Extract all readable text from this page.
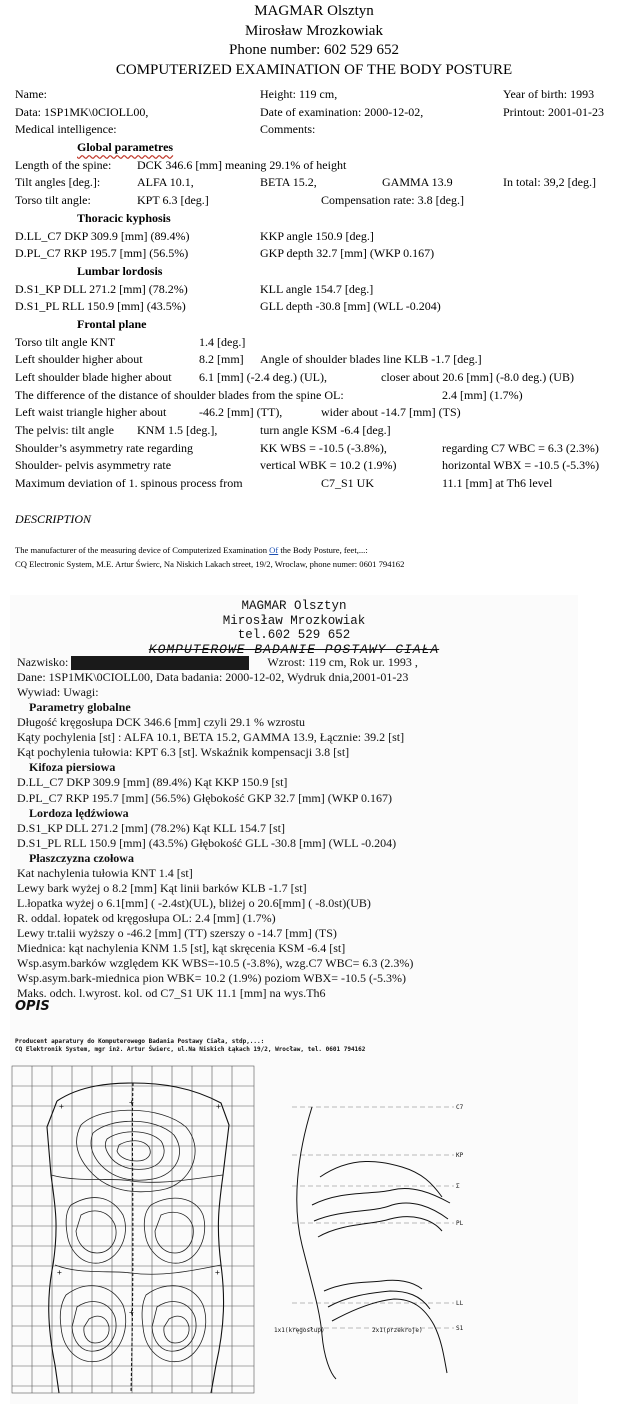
MAGMAR Olsztyn
Mirosław Mrozkowiak
Phone number: 602 529 652
COMPUTERIZED EXAMINATION OF THE BODY POSTURE
Name:	Height: 119 cm,	Year of birth: 1993
Data: 1SP1MK\0CIOLL00,	Date of examination: 2000-12-02,	Printout: 2001-01-23
Medical intelligence:	Comments:
Global parametres
Length of the spine: DCK 346.6 [mm] meaning 29.1% of height
Tilt angles [deg.]:	ALFA 10.1,	BETA 15.2,	GAMMA 13.9	In total: 39,2 [deg.]
Torso tilt angle:	KPT 6.3 [deg.]	Compensation rate: 3.8 [deg.]
Thoracic kyphosis
D.LL_C7 DKP 309.9 [mm] (89.4%)	KKP angle 150.9 [deg.]
D.PL_C7 RKP 195.7 [mm] (56.5%)	GKP depth 32.7 [mm] (WKP 0.167)
Lumbar lordosis
D.S1_KP DLL 271.2 [mm] (78.2%)	KLL angle 154.7 [deg.]
D.S1_PL RLL 150.9 [mm] (43.5%)	GLL depth -30.8 [mm] (WLL -0.204)
Frontal plane
Torso tilt angle KNT	1.4 [deg.]
Left shoulder higher about	8.2 [mm] Angle of shoulder blades line KLB -1.7 [deg.]
Left shoulder blade higher about 6.1 [mm] (-2.4 deg.) (UL),	closer about 20.6 [mm] (-8.0 deg.) (UB)
The difference of the distance of shoulder blades from the spine OL:	2.4 [mm] (1.7%)
Left waist triangle higher about	-46.2 [mm] (TT),	wider about -14.7 [mm] (TS)
The pelvis: tilt angle KNM 1.5 [deg.],	turn angle KSM -6.4 [deg.]
Shoulder’s asymmetry rate regarding	KK WBS = -10.5 (-3.8%),	regarding C7 WBC = 6.3 (2.3%)
Shoulder- pelvis asymmetry rate	vertical WBK = 10.2 (1.9%)	horizontal WBX = -10.5 (-5.3%)
Maximum deviation of 1. spinous process from	C7_S1 UK	11.1 [mm] at Th6 level
DESCRIPTION
The manufacturer of the measuring device of Computerized Examination Of the Body Posture, feet,...:
CQ Electronic System, M.E. Artur Świerc, Na Niskich Lakach street, 19/2, Wroclaw, phone numer: 0601 794162
MAGMAR Olsztyn
Mirosław Mrozkowiak
tel.602 529 652
KOMPUTEROWE BADANIE POSTAWY CIAŁA
Nazwisko:	Wzrost: 119 cm, Rok ur. 1993 ,
Dane: 1SP1MK\0CIOLL00, Data badania: 2000-12-02, Wydruk dnia,2001-01-23
Wywiad: Uwagi:
Parametry globalne
Długość kręgosłupa DCK 346.6 [mm] czyli 29.1 % wzrostu
Kąty pochylenia [st] : ALFA 10.1, BETA 15.2, GAMMA 13.9, Łącznie: 39.2 [st]
Kąt pochylenia tułowia: KPT 6.3 [st]. Wskaźnik kompensacji 3.8 [st]
Kifoza piersiowa
D.LL_C7 DKP 309.9 [mm] (89.4%) Kąt KKP 150.9 [st]
D.PL_C7 RKP 195.7 [mm] (56.5%) Głębokość GKP 32.7 [mm] (WKP 0.167)
Lordoza lędźwiowa
D.S1_KP DLL 271.2 [mm] (78.2%) Kąt KLL 154.7 [st]
D.S1_PL RLL 150.9 [mm] (43.5%) Głębokość GLL -30.8 [mm] (WLL -0.204)
Płaszczyzna czołowa
Kat nachylenia tułowia KNT 1.4 [st]
Lewy bark wyżej o 8.2 [mm] Kąt linii barków KLB -1.7 [st]
L.łopatka wyżej o 6.1[mm] ( -2.4st)(UL), bliżej o 20.6[mm] ( -8.0st)(UB)
R. oddal. łopatek od kręgosłupa OL: 2.4 [mm] (1.7%)
Lewy tr.talii wyższy o -46.2 [mm] (TT) szerszy o -14.7 [mm] (TS)
Miednica: kąt nachylenia KNM 1.5 [st], kąt skręcenia KSM -6.4 [st]
Wsp.asym.barków względem KK WBS=-10.5 (-3.8%), wzg.C7 WBC= 6.3 (2.3%)
Wsp.asym.bark-miednica pion WBK= 10.2 (1.9%) poziom WBX= -10.5 (-5.3%)
Maks. odch. l.wyrost. kol. od C7_S1 UK 11.1 [mm] na wys.Th6
OPIS
Producent aparatury do Komputerowego Badania Postawy Ciała, stdp,...:
CQ Elektronik System, mgr inż. Artur Świerc, ul.Na Niskich Łąkach 19/2, Wrocław, tel. 0601 794162
+	+
+
+
+	+
C7
KP
Σ
PL
LL
S1
1x1(kręgosłup)	2x1(przekroje)
